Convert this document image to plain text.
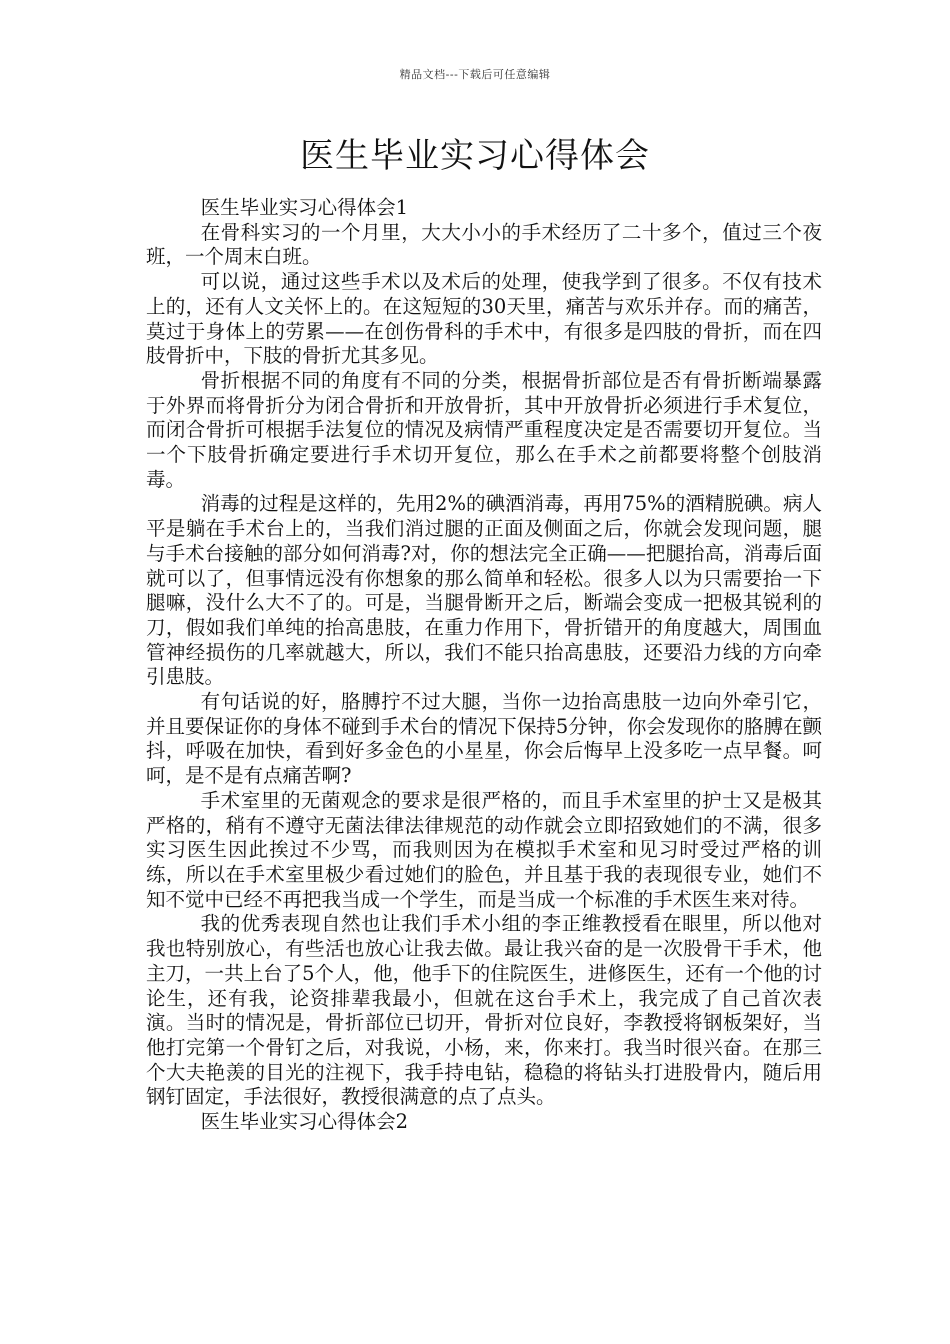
精品文档---下载后可任意编辑
医生毕业实习心得体会

医生毕业实习心得体会1

在骨科实习的一个月里，大大小小的手术经历了二十多个，值过三个夜班，一个周末白班。

可以说，通过这些手术以及术后的处理，使我学到了很多。不仅有技术上的，还有人文关怀上的。在这短短的30天里，痛苦与欢乐并存。而的痛苦，莫过于身体上的劳累——在创伤骨科的手术中，有很多是四肢的骨折，而在四肢骨折中，下肢的骨折尤其多见。

骨折根据不同的角度有不同的分类，根据骨折部位是否有骨折断端暴露于外界而将骨折分为闭合骨折和开放骨折，其中开放骨折必须进行手术复位，而闭合骨折可根据手法复位的情况及病情严重程度决定是否需要切开复位。当一个下肢骨折确定要进行手术切开复位，那么在手术之前都要将整个创肢消毒。

消毒的过程是这样的，先用2%的碘酒消毒，再用75%的酒精脱碘。病人平是躺在手术台上的，当我们消过腿的正面及侧面之后，你就会发现问题，腿与手术台接触的部分如何消毒?对，你的想法完全正确——把腿抬高，消毒后面就可以了，但事情远没有你想象的那么简单和轻松。很多人以为只需要抬一下腿嘛，没什么大不了的。可是，当腿骨断开之后，断端会变成一把极其锐利的刀，假如我们单纯的抬高患肢，在重力作用下，骨折错开的角度越大，周围血管神经损伤的几率就越大，所以，我们不能只抬高患肢，还要沿力线的方向牵引患肢。

有句话说的好，胳膊拧不过大腿，当你一边抬高患肢一边向外牵引它，并且要保证你的身体不碰到手术台的情况下保持5分钟，你会发现你的胳膊在颤抖，呼吸在加快，看到好多金色的小星星，你会后悔早上没多吃一点早餐。呵呵，是不是有点痛苦啊?

手术室里的无菌观念的要求是很严格的，而且手术室里的护士又是极其严格的，稍有不遵守无菌法律法律规范的动作就会立即招致她们的不满，很多实习医生因此挨过不少骂，而我则因为在模拟手术室和见习时受过严格的训练，所以在手术室里极少看过她们的脸色，并且基于我的表现很专业，她们不知不觉中已经不再把我当成一个学生，而是当成一个标准的手术医生来对待。

我的优秀表现自然也让我们手术小组的李正维教授看在眼里，所以他对我也特别放心，有些活也放心让我去做。最让我兴奋的是一次股骨干手术，他主刀，一共上台了5个人，他，他手下的住院医生，进修医生，还有一个他的讨论生，还有我，论资排辈我最小，但就在这台手术上，我完成了自己首次表演。当时的情况是，骨折部位已切开，骨折对位良好，李教授将钢板架好，当他打完第一个骨钉之后，对我说，小杨，来，你来打。我当时很兴奋。在那三个大夫艳羡的目光的注视下，我手持电钻，稳稳的将钻头打进股骨内，随后用钢钉固定，手法很好，教授很满意的点了点头。

医生毕业实习心得体会2
